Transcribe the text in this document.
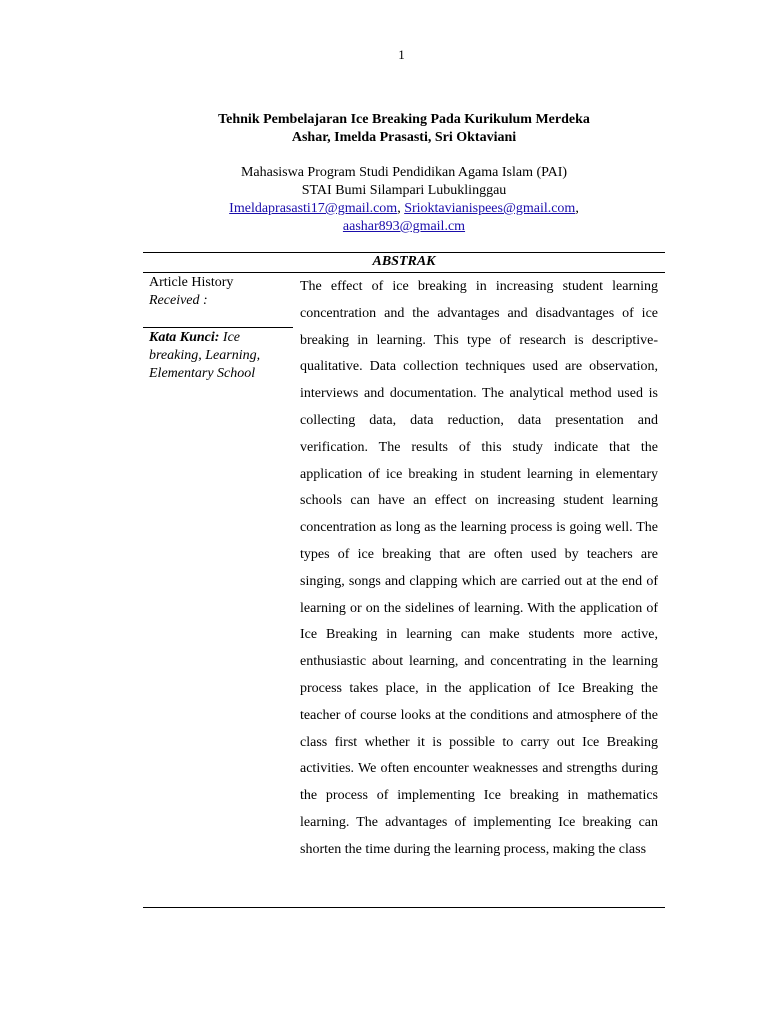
1
Tehnik Pembelajaran Ice Breaking Pada Kurikulum Merdeka
Ashar, Imelda Prasasti, Sri Oktaviani
Mahasiswa Program Studi Pendidikan Agama Islam (PAI)
STAI Bumi Silampari Lubuklinggau
Imeldaprasasti17@gmail.com, Srioktavianispees@gmail.com,
aashar893@gmail.cm
ABSTRAK
Article History
Received :
Kata Kunci: Ice breaking, Learning, Elementary School
The effect of ice breaking in increasing student learning concentration and the advantages and disadvantages of ice breaking in learning. This type of research is descriptive-qualitative. Data collection techniques used are observation, interviews and documentation. The analytical method used is collecting data, data reduction, data presentation and verification. The results of this study indicate that the application of ice breaking in student learning in elementary schools can have an effect on increasing student learning concentration as long as the learning process is going well. The types of ice breaking that are often used by teachers are singing, songs and clapping which are carried out at the end of learning or on the sidelines of learning. With the application of Ice Breaking in learning can make students more active, enthusiastic about learning, and concentrating in the learning process takes place, in the application of Ice Breaking the teacher of course looks at the conditions and atmosphere of the class first whether it is possible to carry out Ice Breaking activities. We often encounter weaknesses and strengths during the process of implementing Ice breaking in mathematics learning. The advantages of implementing Ice breaking can shorten the time during the learning process, making the class
